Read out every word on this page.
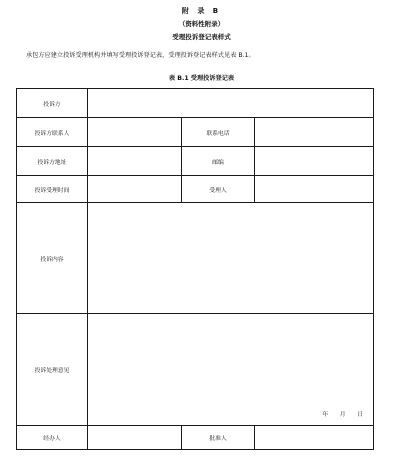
附 录 B
（资料性附录）
受理投诉登记表样式
承包方应建立投诉受理机构并填写受理投诉登记表，受理投诉登记表样式见表 B.1。
表 B.1 受理投诉登记表
投诉方
投诉方联系人	联系电话
投诉方地址	邮编
投诉受理时间	受理人
投诉内容
投诉处理意见
年　　月　　日
经办人	批准人
